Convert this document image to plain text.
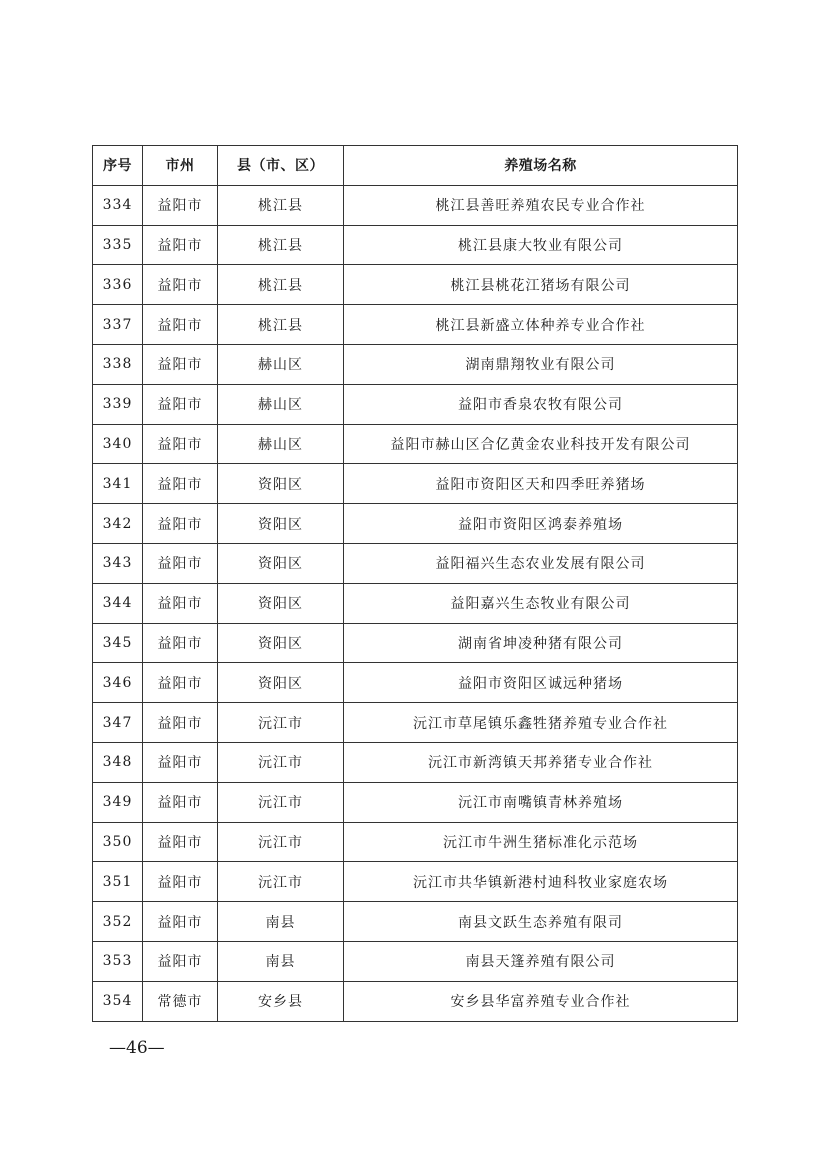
序号	市州	县（市、区）	养殖场名称
334	益阳市	桃江县	桃江县善旺养殖农民专业合作社
335	益阳市	桃江县	桃江县康大牧业有限公司
336	益阳市	桃江县	桃江县桃花江猪场有限公司
337	益阳市	桃江县	桃江县新盛立体种养专业合作社
338	益阳市	赫山区	湖南鼎翔牧业有限公司
339	益阳市	赫山区	益阳市香泉农牧有限公司
340	益阳市	赫山区	益阳市赫山区合亿黄金农业科技开发有限公司
341	益阳市	资阳区	益阳市资阳区天和四季旺养猪场
342	益阳市	资阳区	益阳市资阳区鸿泰养殖场
343	益阳市	资阳区	益阳福兴生态农业发展有限公司
344	益阳市	资阳区	益阳嘉兴生态牧业有限公司
345	益阳市	资阳区	湖南省坤凌种猪有限公司
346	益阳市	资阳区	益阳市资阳区诚远种猪场
347	益阳市	沅江市	沅江市草尾镇乐鑫牲猪养殖专业合作社
348	益阳市	沅江市	沅江市新湾镇天邦养猪专业合作社
349	益阳市	沅江市	沅江市南嘴镇青林养殖场
350	益阳市	沅江市	沅江市牛洲生猪标准化示范场
351	益阳市	沅江市	沅江市共华镇新港村迪科牧业家庭农场
352	益阳市	南县	南县文跃生态养殖有限司
353	益阳市	南县	南县天篷养殖有限公司
354	常德市	安乡县	安乡县华富养殖专业合作社
—46—
